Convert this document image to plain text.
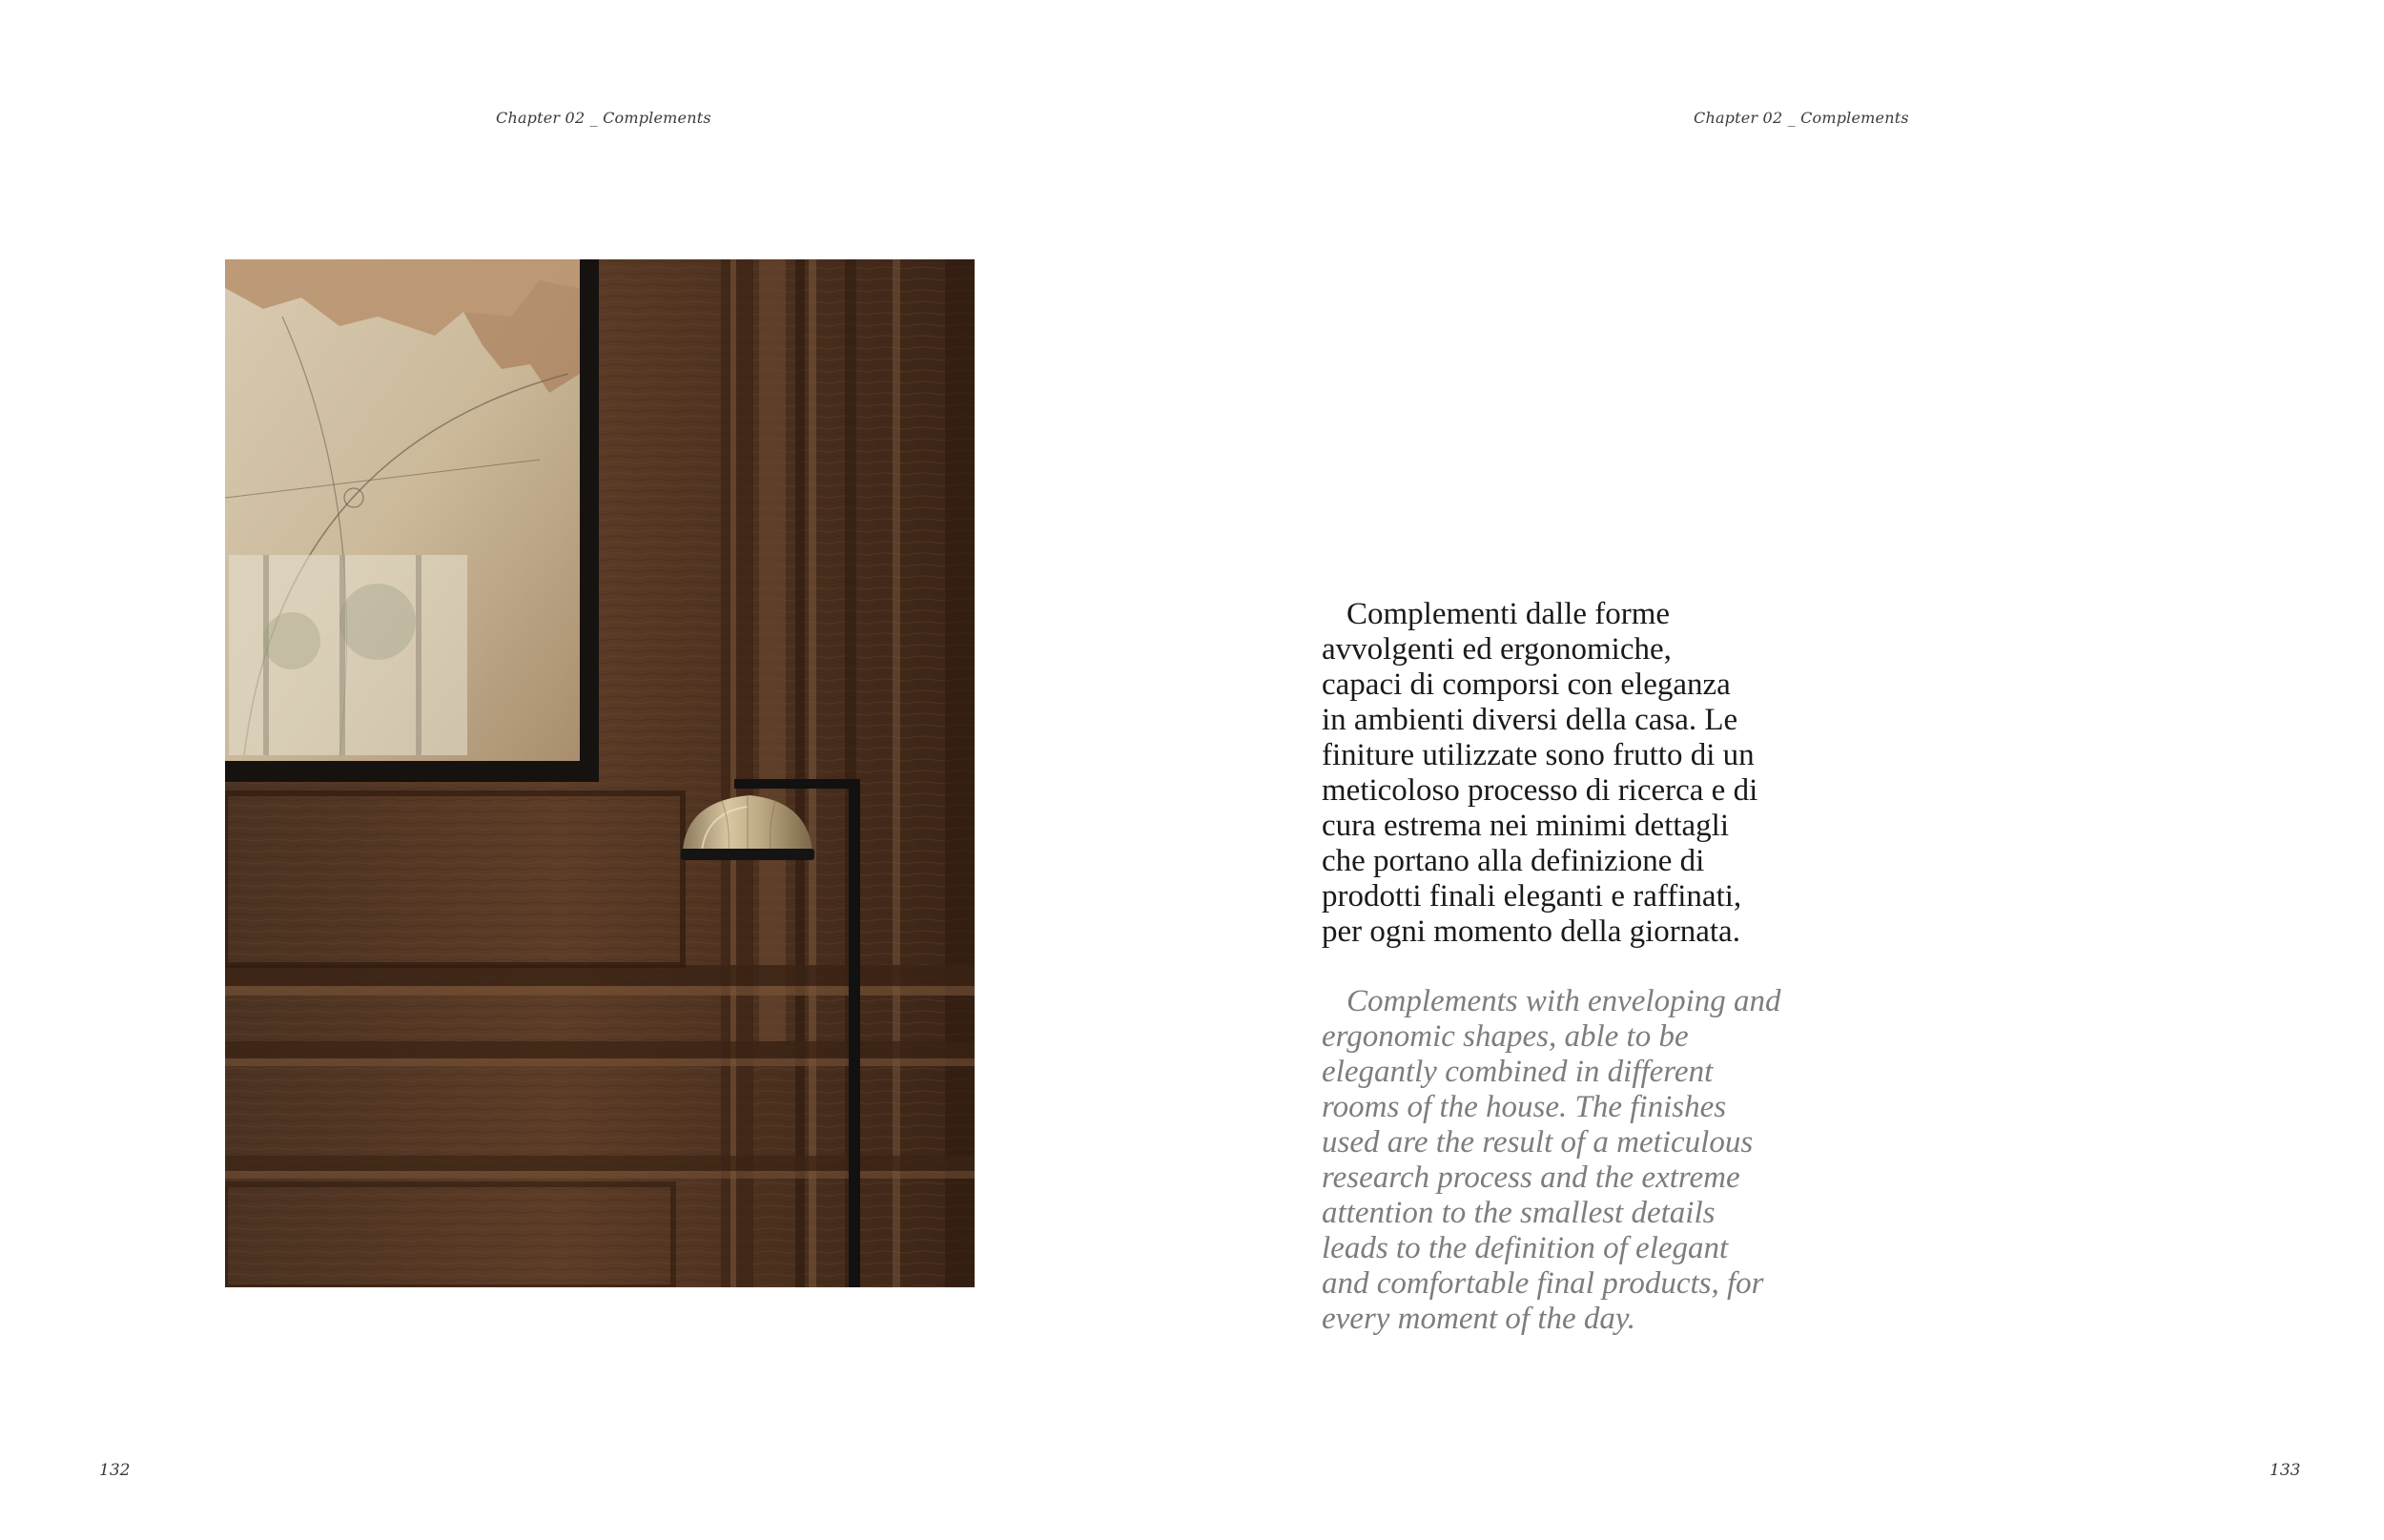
Chapter 02 _ Complements
132
Chapter 02 _ Complements

Complementi dalle forme
avvolgenti ed ergonomiche,
capaci di comporsi con eleganza
in ambienti diversi della casa. Le
finiture utilizzate sono frutto di un
meticoloso processo di ricerca e di
cura estrema nei minimi dettagli
che portano alla definizione di
prodotti finali eleganti e raffinati,
per ogni momento della giornata.

Complements with enveloping and
ergonomic shapes, able to be
elegantly combined in different
rooms of the house. The finishes
used are the result of a meticulous
research process and the extreme
attention to the smallest details
leads to the definition of elegant
and comfortable final products, for
every moment of the day.

133
